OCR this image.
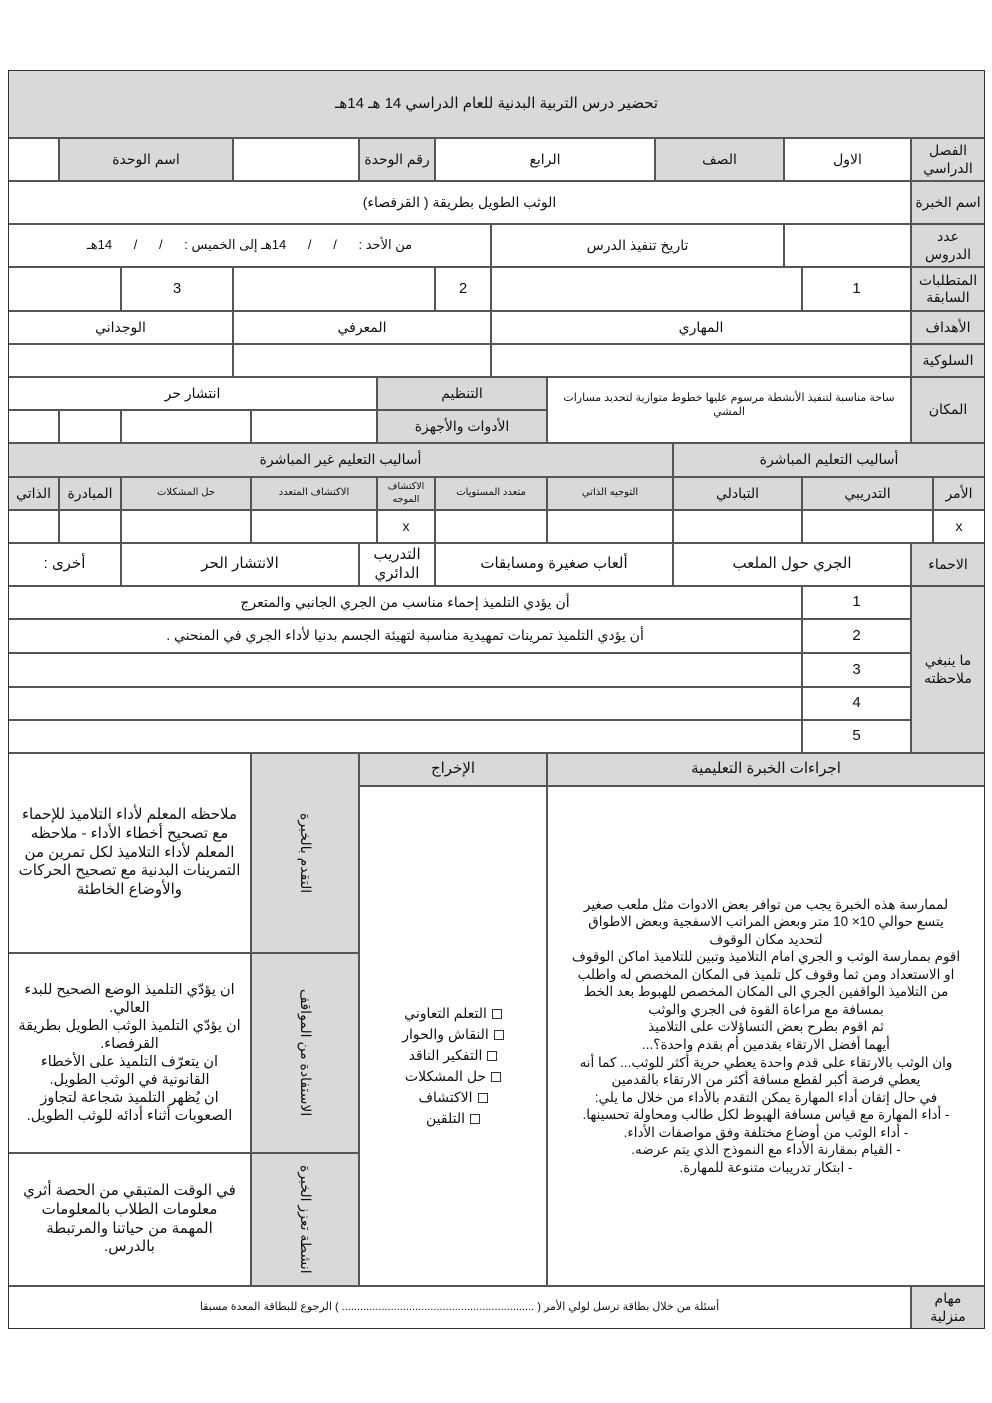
تحضير درس التربية البدنية للعام الدراسي 14 هـ 14هـ
الفصل الدراسي
الاول
الصف
الرابع
رقم الوحدة
اسم الوحدة
اسم الخبرة
الوثب الطويل بطريقة ( القرفصاء)
عدد الدروس
تاريخ تنفيذ الدرس
من الأحد :      /      /      14هـ إلى الخميس :      /      /      14هـ
المتطلبات السابقة
1
2
3
الأهداف
السلوكية
المهاري
المعرفي
الوجداني
المكان
ساحة مناسبة لتنفيذ الأنشطة مرسوم عليها خطوط متوازية لتحديد مسارات المشي
التنظيم
انتشار حر
الأدوات والأجهزة
أساليب التعليم المباشرة
أساليب التعليم غير المباشرة
الأمر
التدريبي
التبادلي
التوجيه الذاتي
متعدد المستويات
الاكتشاف الموجه
الاكتشاف المتعدد
حل المشكلات
المبادرة
الذاتي
x
x
الاحماء
الجري حول الملعب
ألعاب صغيرة ومسابقات
التدريب الدائري
الانتشار الحر
أخرى :
ما ينبغي ملاحظته
1
أن يؤدي التلميذ إحماء مناسب من الجري الجانبي والمتعرج
2
أن يؤدي التلميذ تمرينات تمهيدية مناسبة لتهيئة الجسم بدنيا لأداء الجري في المنحني .
3
4
5
اجراءات الخبرة التعليمية
الإخراج

لممارسة هذه الخبرة يجب من توافر بعض الادوات مثل ملعب صغير

يتسع حوالي 10× 10 متر وبعض المراتب الاسفجية وبعض الاطواق

لتحديد مكان الوقوف

اقوم بممارسة الوثب و الجري امام التلاميذ وتبين للتلاميذ اماكن الوقوف

او الاستعداد ومن ثما وقوف كل تلميذ فى المكان المخصص له واطلب

من التلاميذ الواقفين الجري الى المكان المخصص للهبوط بعد الخط

بمسافة مع مراعاة القوة فى الجري والوثب

ثم اقوم بطرح بعض التساؤلات على التلاميذ

أيهما أفضل الارتقاء بقدمين أم بقدم واحدة؟...

وان الوثب بالارتقاء على قدم واحدة يعطي حرية أكثر للوثب... كما أنه

يعطي فرصة أكبر لقطع مسافة أكثر من الارتقاء بالقدمين

في حال إتقان أداء المهارة يمكن التقدم بالأداء من خلال ما يلي:

- أداء المهارة مع قياس مسافة الهبوط لكل طالب ومحاولة تحسينها.

- أداء الوثب من أوضاع مختلفة وفق مواصفات الأداء.

- القيام بمقارنة الأداء مع النموذج الذي يتم عرضه.

- ابتكار تدريبات متنوعة للمهارة.

التعلم التعاوني
النقاش والحوار
التفكير الناقد
حل المشكلات
الاكتشاف
التلقين
التقدم بالخبرة
ملاحظه المعلم لأداء التلاميذ للإحماء مع تصحيح أخطاء الأداء - ملاحظه المعلم لأداء التلاميذ لكل تمرين من التمرينات البدنية مع تصحيح الحركات والأوضاع الخاطئة
الاستفادة من المواقف
ان يؤدّي التلميذ الوضع الصحيح للبدء العالي.
ان يؤدّي التلميذ الوثب الطويل بطريقة القرفصاء.
ان يتعرّف التلميذ على الأخطاء القانونية في الوثب الطويل.
ان يُظهر التلميذ شجاعة لتجاوز الصعوبات أثناء أدائه للوثب الطويل.
انشطة تعزز الخبرة
في الوقت المتبقي من الحصة أثري معلومات الطلاب بالمعلومات المهمة من حياتنا والمرتبطة بالدرس.
مهام منزلية
أسئلة من خلال بطاقة ترسل لولي الأمر ( ............................................................... ) الرجوع للبطاقة المعدة مسبقا
